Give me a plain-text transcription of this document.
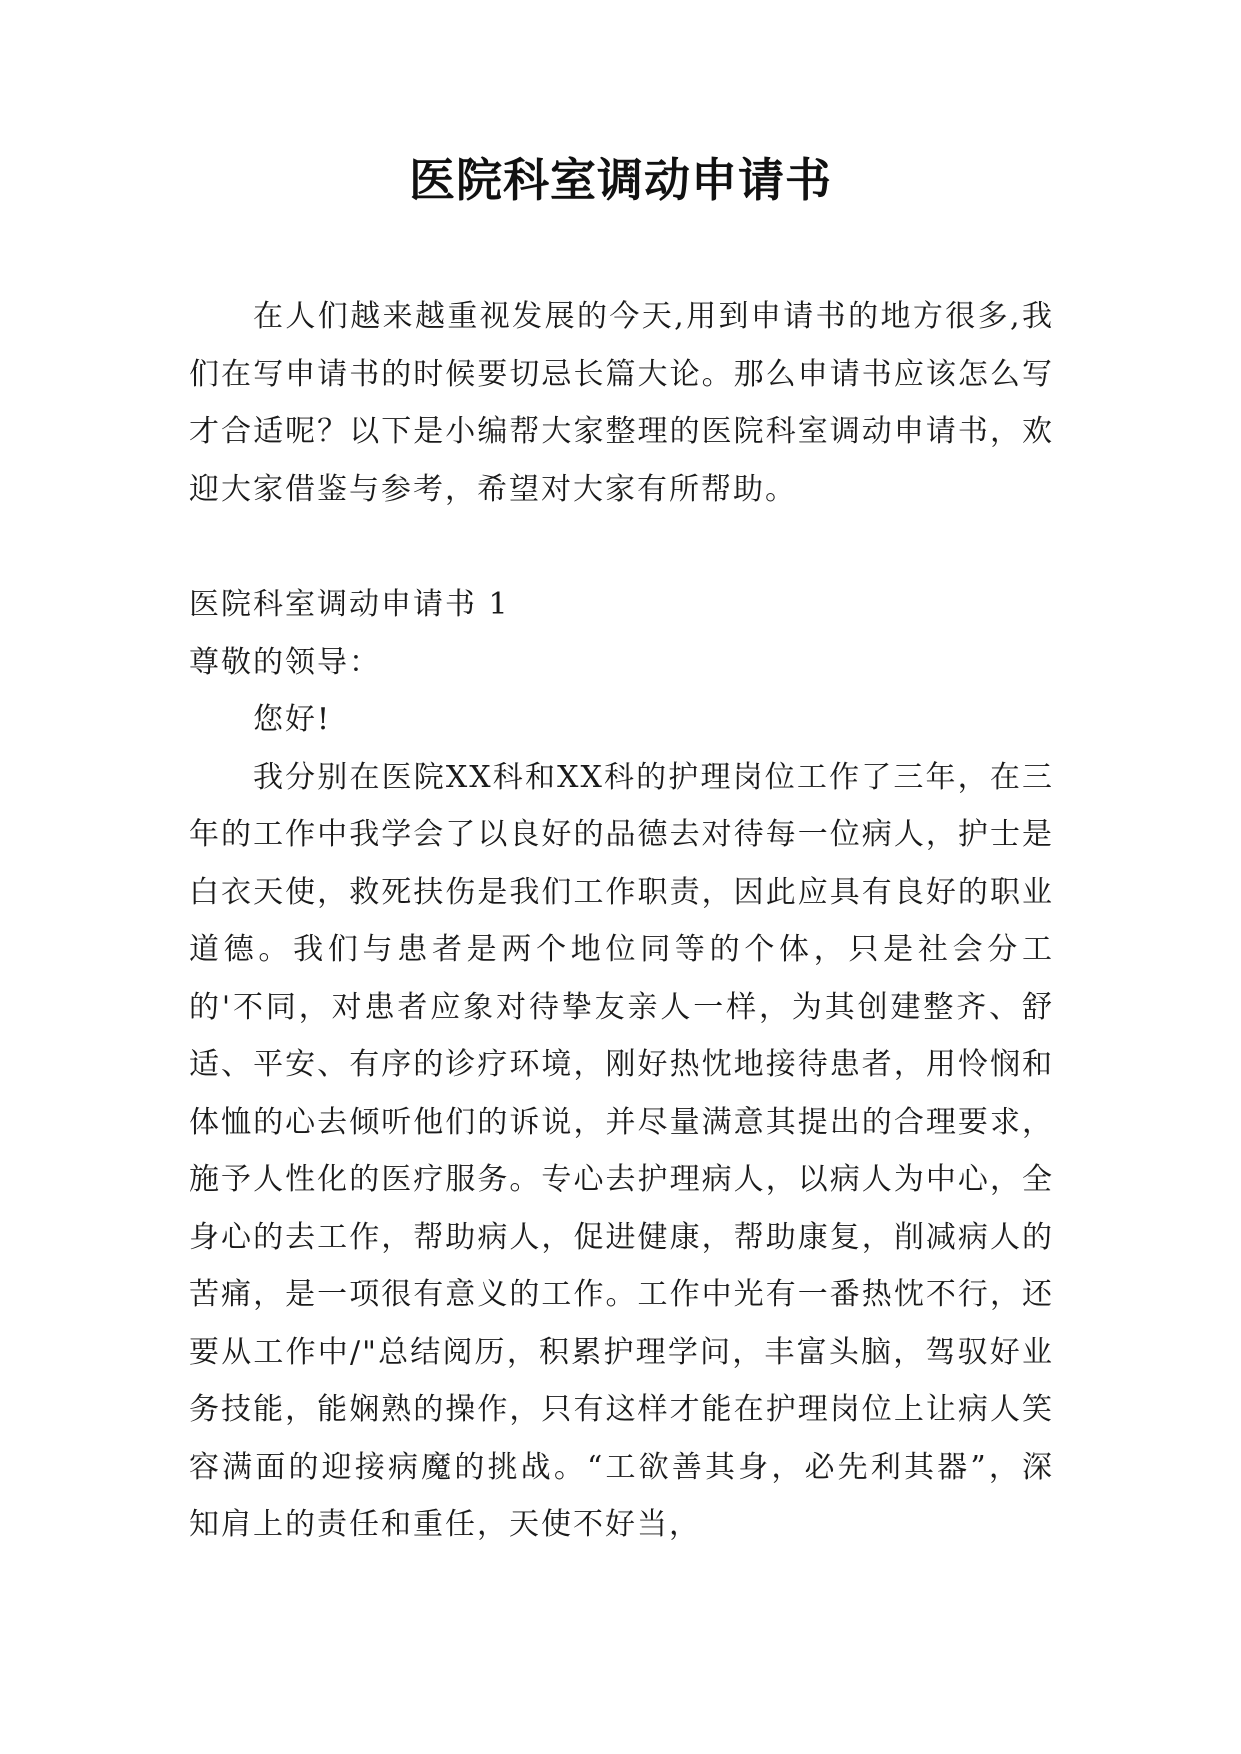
医院科室调动申请书

在人们越来越重视发展的今天,用到申请书的地方很多,我们在写申请书的时候要切忌长篇大论。那么申请书应该怎么写才合适呢？以下是小编帮大家整理的医院科室调动申请书，欢迎大家借鉴与参考，希望对大家有所帮助。

医院科室调动申请书 1

尊敬的领导：

您好!

我分别在医院XX科和XX科的护理岗位工作了三年，在三年的工作中我学会了以良好的品德去对待每一位病人，护士是白衣天使，救死扶伤是我们工作职责，因此应具有良好的职业道德。我们与患者是两个地位同等的个体，只是社会分工的'不同，对患者应象对待挚友亲人一样，为其创建整齐、舒适、平安、有序的诊疗环境，刚好热忱地接待患者，用怜悯和体恤的心去倾听他们的诉说，并尽量满意其提出的合理要求，施予人性化的医疗服务。专心去护理病人，以病人为中心，全身心的去工作，帮助病人，促进健康，帮助康复，削减病人的苦痛，是一项很有意义的工作。工作中光有一番热忱不行，还要从工作中/"总结阅历，积累护理学问，丰富头脑，驾驭好业务技能，能娴熟的操作，只有这样才能在护理岗位上让病人笑容满面的迎接病魔的挑战。“工欲善其身，必先利其器”，深知肩上的责任和重任，天使不好当，
